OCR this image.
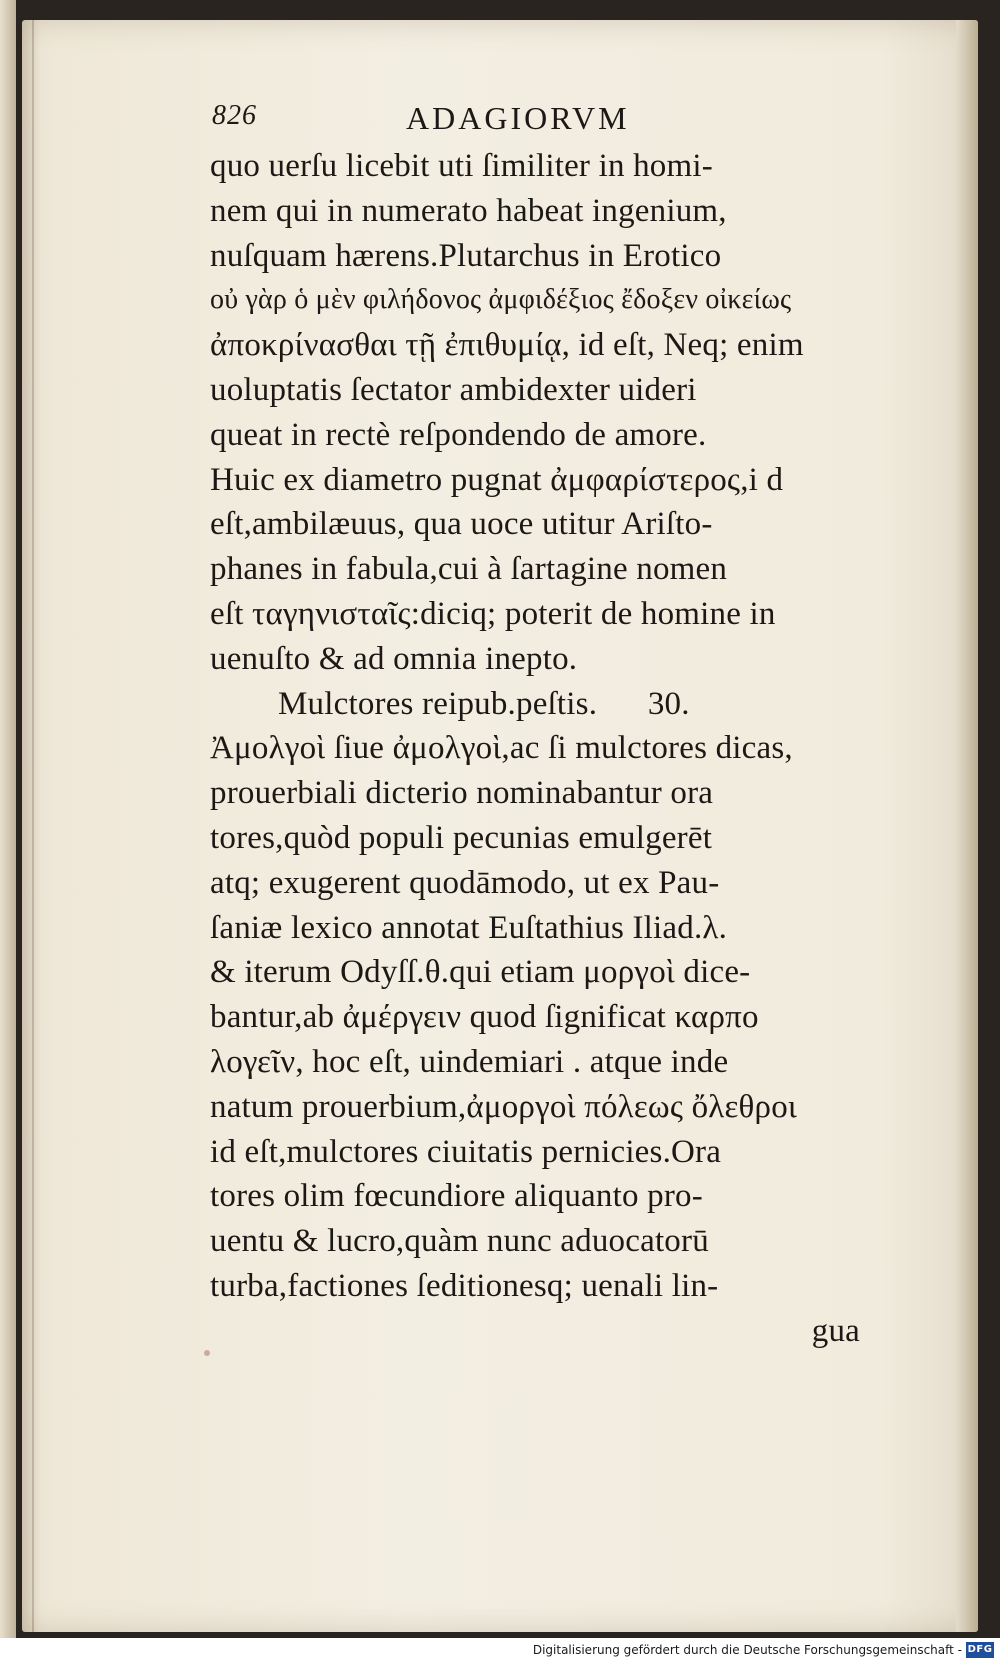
826	ADAGIORVM
quo uerſu licebit uti ſimiliter in homi-
nem qui in numerato habeat ingenium,
nuſquam hærens.Plutarchus in Erotico
οὐ γὰρ ὁ μὲν φιλήδονος ἀμφιδέξιος ἔδοξεν οἰκείως
ἀποκρίνασθαι τῇ ἐπιθυμίᾳ, id eſt, Neq; enim
uoluptatis ſectator ambidexter uideri
queat in rectè reſpondendo de amore.
Huic ex diametro pugnat ἀμφαρίστερος,i d
eſt,ambilæuus, qua uoce utitur Ariſto-
phanes in fabula,cui à ſartagine nomen
eſt ταγηνισταῖς:diciq; poterit de homine in
uenuſto & ad omnia inepto.
Mulctores reipub.peſtis.      30.
Ἀμολγοὶ ſiue ἀμολγοὶ,ac ſi mulctores dicas,
prouerbiali dicterio nominabantur ora
tores,quòd populi pecunias emulgerēt
atq; exugerent quodāmodo, ut ex Pau-
ſaniæ lexico annotat Euſtathius Iliad.λ.
& iterum Odyſſ.θ.qui etiam μοργοὶ dice-
bantur,ab ἀμέργειν quod ſignificat καρπο
λογεῖν, hoc eſt, uindemiari . atque inde
natum prouerbium,ἀμοργοὶ πόλεως ὄλεθροι
id eſt,mulctores ciuitatis pernicies.Ora
tores olim fœcundiore aliquanto pro-
uentu & lucro,quàm nunc aduocatorū
turba,factiones ſeditionesq; uenali lin-
gua
Digitalisierung gefördert durch die Deutsche Forschungsgemeinschaft - DFG
